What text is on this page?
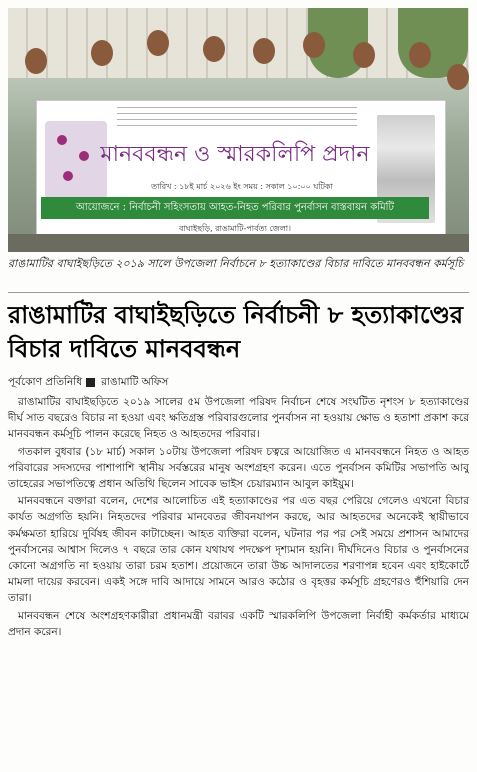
মানববন্ধন ও স্মারকলিপি প্রদান
তারিখ : ১৮ই মার্চ ২০২৬ ইং সময় : সকাল ১০:০০ ঘটিকা
আয়োজনে : নির্বাচনী সহিংসতায় আহত-নিহত পরিবার পুনর্বাসন বাস্তবায়ন কমিটি
বাঘাইছড়ি, রাঙামাটি-পার্বত্য জেলা।
রাঙামাটির বাঘাইছড়িতে ২০১৯ সালে উপজেলা নির্বাচনে ৮ হত্যাকাণ্ডের বিচার দাবিতে মানববন্ধন কর্মসূচি
রাঙামাটির বাঘাইছড়িতে নির্বাচনী ৮ হত্যাকাণ্ডের বিচার দাবিতে মানববন্ধন
পূর্বকোণ প্রতিনিধি রাঙামাটি অফিস

রাঙামাটির বাঘাইছড়িতে ২০১৯ সালের ৫ম উপজেলা পরিষদ নির্বাচন শেষে সংঘটিত নৃশংস ৮ হত্যাকাণ্ডের দীর্ঘ সাত বছরেও বিচার না হওয়া এবং ক্ষতিগ্রস্ত পরিবারগুলোর পুনর্বাসন না হওয়ায় ক্ষোভ ও হতাশা প্রকাশ করে মানববন্ধন কর্মসূচি পালন করেছে নিহত ও আহতদের পরিবার।

গতকাল বুধবার (১৮ মার্চ) সকাল ১০টায় উপজেলা পরিষদ চত্বরে আয়োজিত এ মানববন্ধনে নিহত ও আহত পরিবারের সদস্যদের পাশাপাশি স্থানীয় সর্বস্তরের মানুষ অংশগ্রহণ করেন। এতে পুনর্বাসন কমিটির সভাপতি আবু তাহেরের সভাপতিত্বে প্রধান অতিথি ছিলেন সাবেক ভাইস চেয়ারম্যান আবুল কাইয়ুম।

মানববন্ধনে বক্তারা বলেন, দেশের আলোচিত এই হত্যাকাণ্ডের পর এত বছর পেরিয়ে গেলেও এখনো বিচার কার্যত অগ্রগতি হয়নি। নিহতদের পরিবার মানবেতর জীবনযাপন করছে, আর আহতদের অনেকেই স্থায়ীভাবে কর্মক্ষমতা হারিয়ে দুর্বিষহ জীবন কাটাচ্ছেন। আহত ব্যক্তিরা বলেন, ঘটনার পর পর সেই সময়ে প্রশাসন আমাদের পুনর্বাসনের আশ্বাস দিলেও ৭ বছরে তার কোন যথাযথ পদক্ষেপ দৃশ্যমান হয়নি। দীর্ঘদিনেও বিচার ও পুনর্বাসনের কোনো অগ্রগতি না হওয়ায় তারা চরম হতাশ। প্রয়োজনে তারা উচ্চ আদালতের শরণাপন্ন হবেন এবং হাইকোর্টে মামলা দায়ের করবেন। একই সঙ্গে দাবি আদায়ে সামনে আরও কঠোর ও বৃহত্তর কর্মসূচি গ্রহণেরও হুঁশিয়ারি দেন তারা।

মানববন্ধন শেষে অংশগ্রহণকারীরা প্রধানমন্ত্রী বরাবর একটি স্মারকলিপি উপজেলা নির্বাহী কর্মকর্তার মাধ্যমে প্রদান করেন।
